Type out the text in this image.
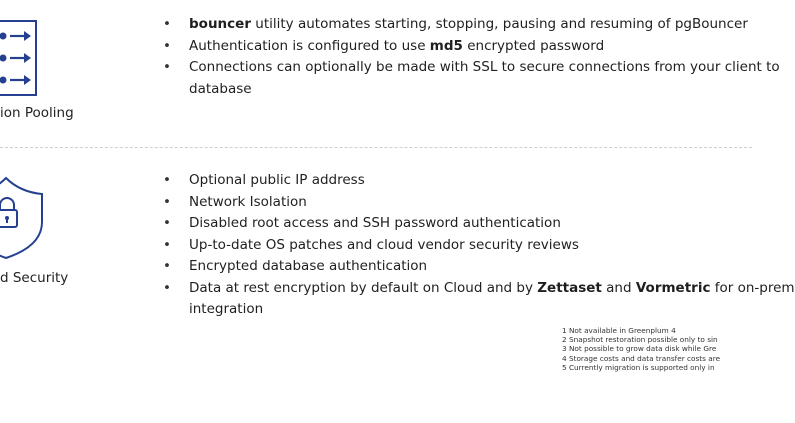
ion Pooling
• bouncer utility automates starting, stopping, pausing and resuming of pgBouncer
• Authentication is configured to use md5 encrypted password
• Connections can optionally be made with SSL to secure connections from your client to
database
d Security
• Optional public IP address
• Network Isolation
• Disabled root access and SSH password authentication
• Up-to-date OS patches and cloud vendor security reviews
• Encrypted database authentication
• Data at rest encryption by default on Cloud and by Zettaset and Vormetric for on-prem
integration
1 Not available in Greenplum 4
2 Snapshot restoration possible only to sin
3 Not possible to grow data disk while Gre
4 Storage costs and data transfer costs are
5 Currently migration is supported only in
